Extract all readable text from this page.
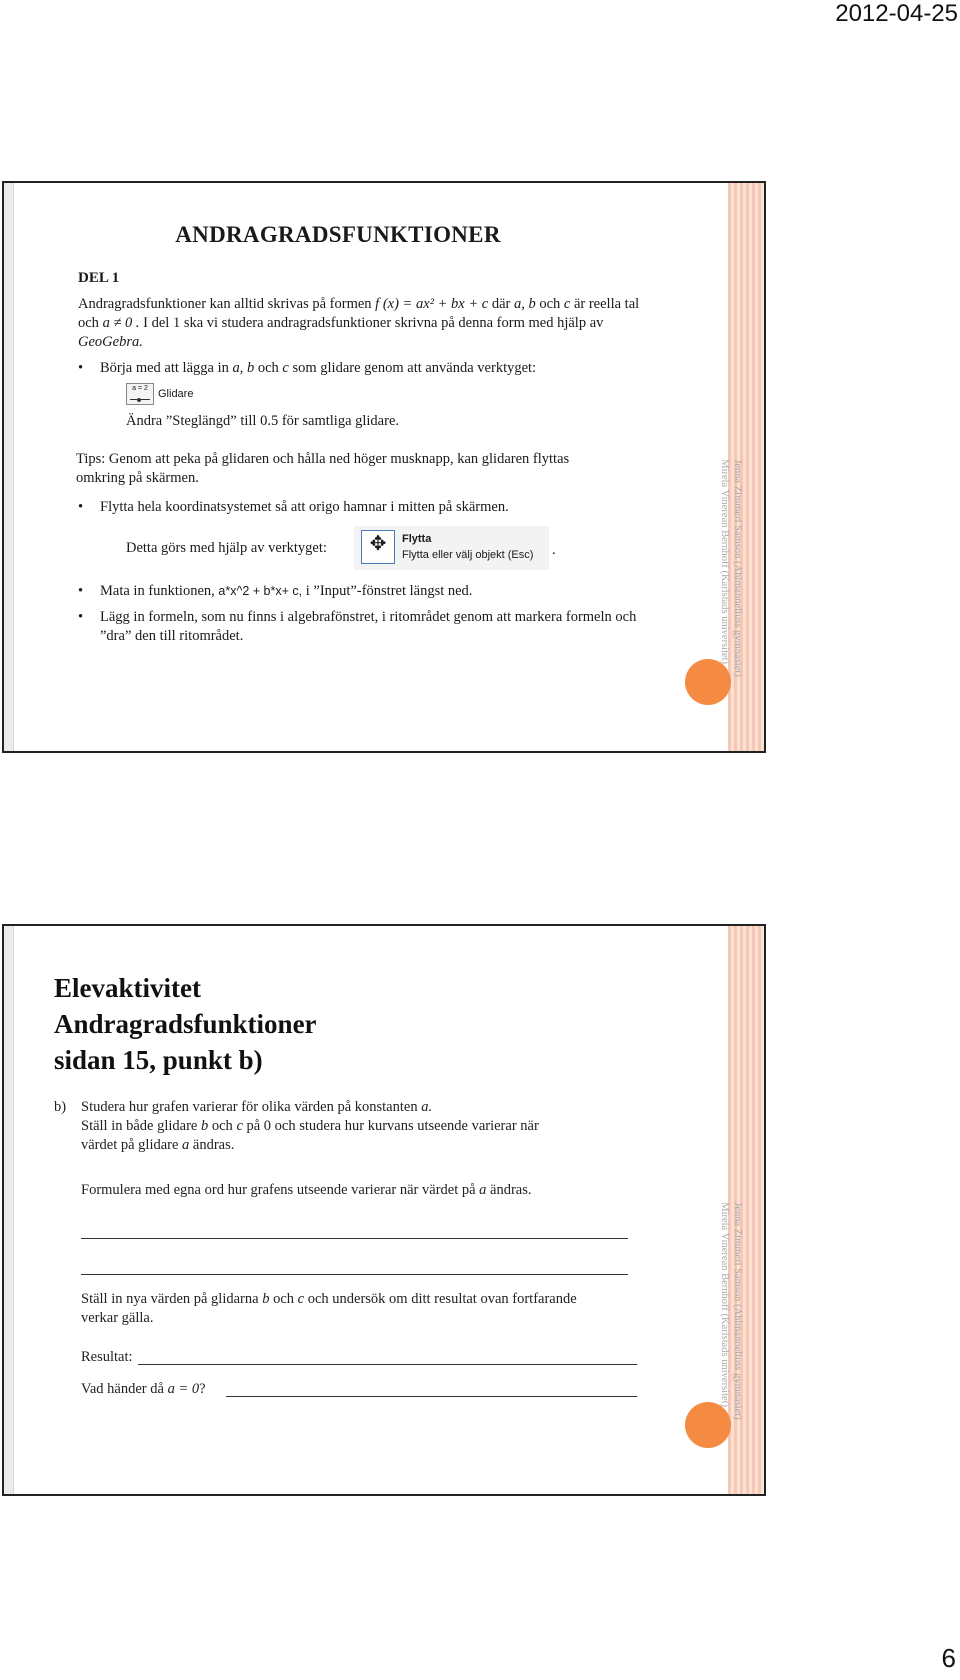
2012-04-25
Jenna Zimmerl Samson (Ahlmanneliuss gymnasiet)
Mirela Vinerean Bernhoff (Karlstads universitet)
ANDRAGRADSFUNKTIONER
DEL 1
Andragradsfunktioner kan alltid skrivas på formen f (x) = ax² + bx + c där a, b och c är reella tal och a ≠ 0 . I del 1 ska vi studera andragradsfunktioner skrivna på denna form med hjälp av GeoGebra.
• Börja med att lägga in a, b och c som glidare genom att använda verktyget:
a = 2 Glidare
Ändra ”Steglängd” till 0.5 för samtliga glidare.
Tips: Genom att peka på glidaren och hålla ned höger musknapp, kan glidaren flyttas omkring på skärmen.
• Flytta hela koordinatsystemet så att origo hamnar i mitten på skärmen.
Detta görs med hjälp av verktyget:	✥	Flytta
Flytta eller välj objekt (Esc) .
• Mata in funktionen, a*x^2 + b*x+ c, i ”Input”-fönstret längst ned.
• Lägg in formeln, som nu finns i algebrafönstret, i ritområdet genom att markera formeln och ”dra” den till ritområdet.
Jenna Zimmerl Samson (Ahlmanneliuss gymnasiet)
Mirela Vinerean Bernhoff (Karlstads universitet)
Elevaktivitet
Andragradsfunktioner
sidan 15, punkt b)
b) Studera hur grafen varierar för olika värden på konstanten a.
Ställ in både glidare b och c på 0 och studera hur kurvans utseende varierar när
värdet på glidare a ändras.
Formulera med egna ord hur grafens utseende varierar när värdet på a ändras.
Ställ in nya värden på glidarna b och c och undersök om ditt resultat ovan fortfarande verkar gälla.
Resultat:
Vad händer då a = 0?
6
